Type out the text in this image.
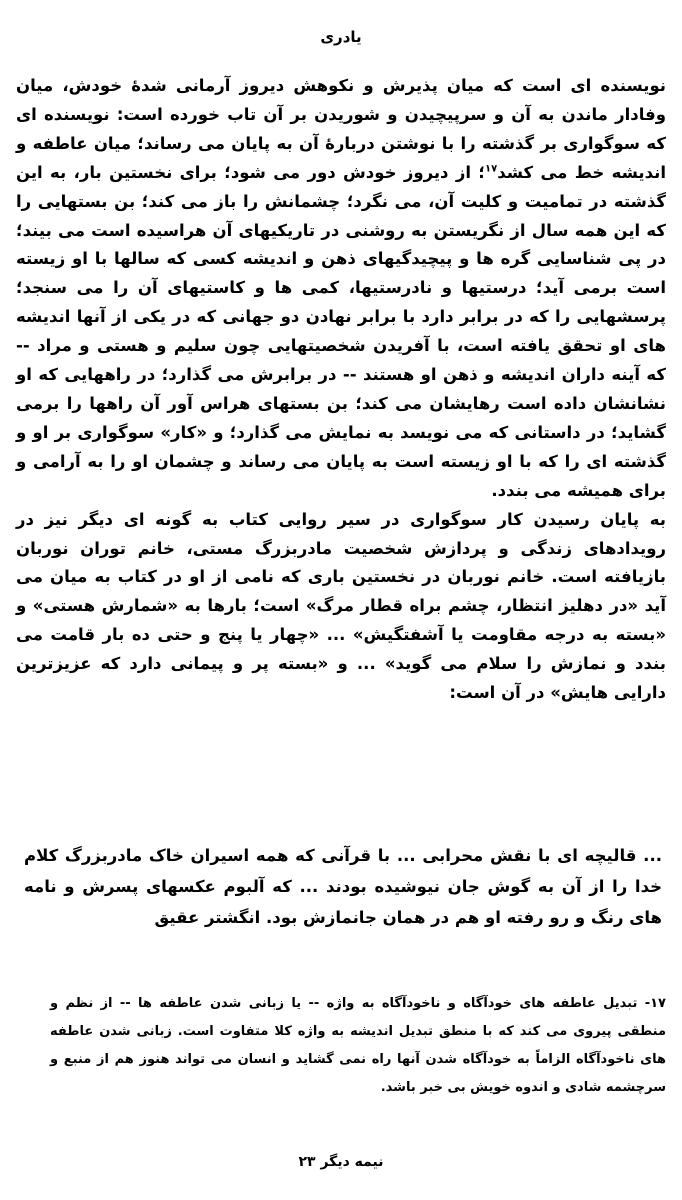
یادری

نویسنده ای است که میان پذیرش و نکوهش دیروز آرمانی شدهٔ خودش، میان وفادار ماندن به آن و سرپیچیدن و شوریدن بر آن تاب خورده است: نویسنده ای که سوگواری بر گذشته را با نوشتن دربارهٔ آن به پایان می رساند؛ میان عاطفه و اندیشه خط می کشد$^{۱۷}$؛ از دیروز خودش دور می شود؛ برای نخستین بار، به این گذشته در تمامیت و کلیت آن، می نگرد؛ چشمانش را باز می کند؛ بن بستهایی را که این همه سال از نگریستن به روشنی در تاریکیهای آن هراسیده است می بیند؛ در پی شناسایی گره ها و پیچیدگیهای ذهن و اندیشه کسی که سالها با او زیسته است برمی آید؛ درستیها و نادرستیها، کمی ها و کاستیهای آن را می سنجد؛ پرسشهایی را که در برابر دارد با برابر نهادن دو جهانی که در یکی از آنها اندیشه های او تحقق یافته است، با آفریدن شخصیتهایی چون سلیم و هستی و مراد -- که آینه داران اندیشه و ذهن او هستند -- در برابرش می گذارد؛ در راههایی که او نشانشان داده است رهایشان می کند؛ بن بستهای هراس آور آن راهها را برمی گشاید؛ در داستانی که می نویسد به نمایش می گذارد؛ و «کار» سوگواری بر او و گذشته ای را که با او زیسته است به پایان می رساند و چشمان او را به آرامی و برای همیشه می بندد.

به پایان رسیدن کار سوگواری در سیر روایی کتاب به گونه ای دیگر نیز در رویدادهای زندگی و پردازش شخصیت مادربزرگ مستی، خانم توران نوربان بازیافته است. خانم نوربان در نخستین باری که نامی از او در کتاب به میان می آید «در دهلیز انتظار، چشم براه قطار مرگ» است؛ بارها به «شمارش هستی» و «بسته به درجه مقاومت یا آشفتگیش» ... «چهار یا پنج و حتی ده بار قامت می بندد و نمازش را سلام می گوید» ... و «بسته پر و پیمانی دارد که عزیزترین دارایی هایش» در آن است:

... قالیچه ای با نقش محرابی ... با قرآنی که همه اسیران خاک مادربزرگ کلام خدا را از آن به گوش جان نیوشیده بودند ... که آلبوم عکسهای پسرش و نامه های رنگ و رو رفته او هم در همان جانمازش بود. انگشتر عقیق

۱۷- تبدیل عاطفه های خودآگاه و ناخودآگاه به واژه -- یا زبانی شدن عاطفه ها -- از نظم و منطقی پیروی می کند که با منطق تبدیل اندیشه به واژه کلا متفاوت است. زبانی شدن عاطفه های ناخودآگاه الزاماً به خودآگاه شدن آنها راه نمی گشاید و انسان می تواند هنوز هم از منبع و سرچشمه شادی و اندوه خویش بی خبر باشد.

نیمه دیگر ۲۳
